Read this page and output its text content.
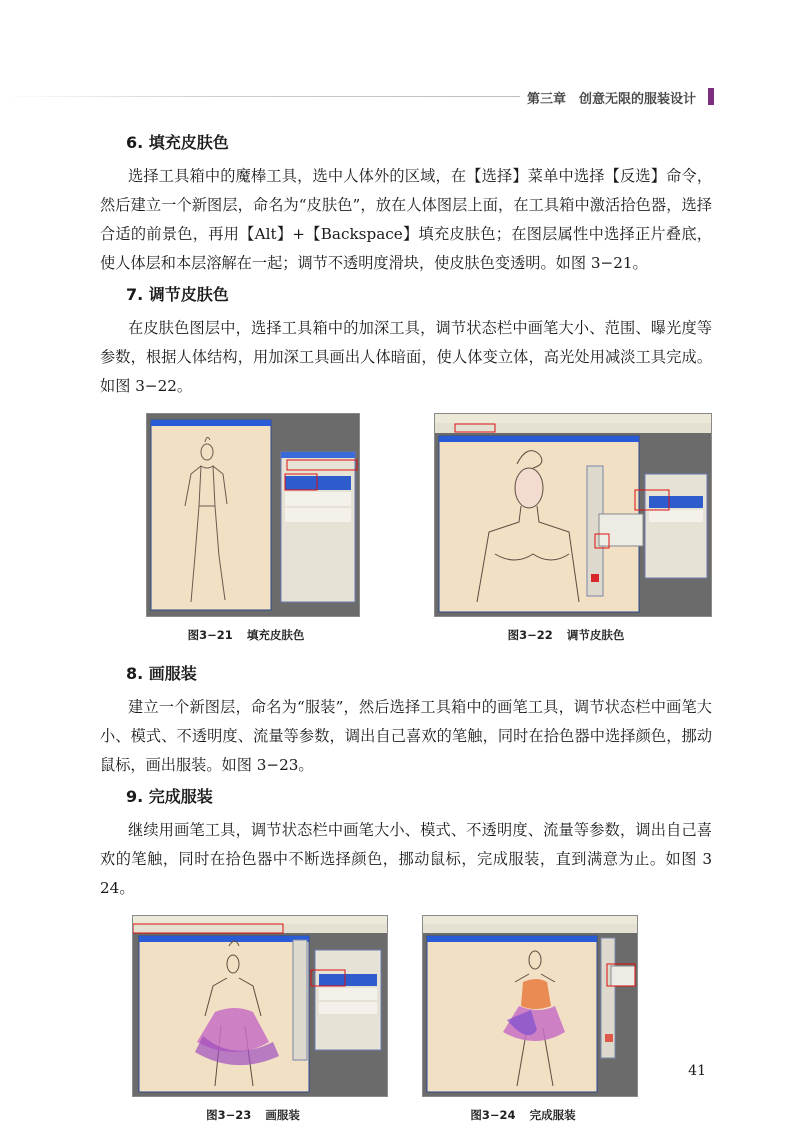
第三章　创意无限的服装设计
6. 填充皮肤色

选择工具箱中的魔棒工具，选中人体外的区域，在【选择】菜单中选择【反选】命令，然后建立一个新图层，命名为“皮肤色”，放在人体图层上面，在工具箱中激活拾色器，选择合适的前景色，再用【Alt】+【Backspace】填充皮肤色；在图层属性中选择正片叠底，使人体层和本层溶解在一起；调节不透明度滑块，使皮肤色变透明。如图 3−21。

7. 调节皮肤色

在皮肤色图层中，选择工具箱中的加深工具，调节状态栏中画笔大小、范围、曝光度等参数，根据人体结构，用加深工具画出人体暗面，使人体变立体，高光处用减淡工具完成。如图 3−22。

图3−21 填充皮肤色	图3−22 调节皮肤色
8. 画服装

建立一个新图层，命名为“服装”，然后选择工具箱中的画笔工具，调节状态栏中画笔大小、模式、不透明度、流量等参数，调出自己喜欢的笔触，同时在拾色器中选择颜色，挪动鼠标，画出服装。如图 3−23。

9. 完成服装

继续用画笔工具，调节状态栏中画笔大小、模式、不透明度、流量等参数，调出自己喜欢的笔触，同时在拾色器中不断选择颜色，挪动鼠标，完成服装，直到满意为止。如图 3 24。

图3−23 画服装	图3−24 完成服装
41
